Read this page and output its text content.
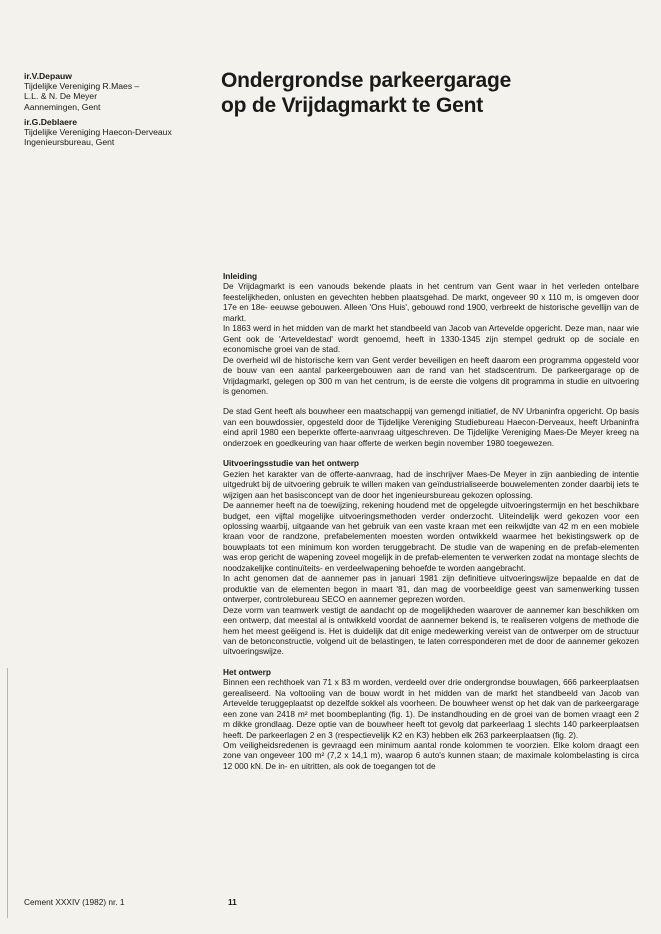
ir.V.Depauw
Tijdelijke Vereniging R.Maes –
L.L. & N. De Meyer
Aannemingen, Gent
ir.G.Deblaere
Tijdelijke Vereniging Haecon-Derveaux
Ingenieursbureau, Gent
Ondergrondse parkeergarage
op de Vrijdagmarkt te Gent
Inleiding

De Vrijdagmarkt is een vanouds bekende plaats in het centrum van Gent waar in het verleden ontelbare feestelijkheden, onlusten en gevechten hebben plaatsgehad. De markt, ongeveer 90 x 110 m, is omgeven door 17e en 18e- eeuwse gebouwen. Alleen 'Ons Huis', gebouwd rond 1900, verbreekt de historische gevellijn van de markt.

In 1863 werd in het midden van de markt het standbeeld van Jacob van Artevelde opgericht. Deze man, naar wie Gent ook de 'Arteveldestad' wordt genoemd, heeft in 1330-1345 zijn stempel gedrukt op de sociale en economische groei van de stad.

De overheid wil de historische kern van Gent verder beveiligen en heeft daarom een programma opgesteld voor de bouw van een aantal parkeergebouwen aan de rand van het stadscentrum. De parkeergarage op de Vrijdagmarkt, gelegen op 300 m van het centrum, is de eerste die volgens dit programma in studie en uitvoering is genomen.

De stad Gent heeft als bouwheer een maatschappij van gemengd initiatief, de NV Urbaninfra opgericht. Op basis van een bouwdossier, opgesteld door de Tijdelijke Vereniging Studiebureau Haecon-Derveaux, heeft Urbaninfra eind april 1980 een beperkte offerte-aanvraag uitgeschreven. De Tijdelijke Vereniging Maes-De Meyer kreeg na onderzoek en goedkeuring van haar offerte de werken begin november 1980 toegewezen.

Uitvoeringsstudie van het ontwerp

Gezien het karakter van de offerte-aanvraag, had de inschrijver Maes-De Meyer in zijn aanbieding de intentie uitgedrukt bij de uitvoering gebruik te willen maken van geïndustrialiseerde bouwelementen zonder daarbij iets te wijzigen aan het basisconcept van de door het ingenieursbureau gekozen oplossing.

De aannemer heeft na de toewijzing, rekening houdend met de opgelegde uitvoeringstermijn en het beschikbare budget, een vijftal mogelijke uitvoeringsmethoden verder onderzocht. Uiteindelijk werd gekozen voor een oplossing waarbij, uitgaande van het gebruik van een vaste kraan met een reikwijdte van 42 m en een mobiele kraan voor de randzone, prefabelementen moesten worden ontwikkeld waarmee het bekistingswerk op de bouwplaats tot een minimum kon worden teruggebracht. De studie van de wapening en de prefab-elementen was erop gericht de wapening zoveel mogelijk in de prefab-elementen te verwerken zodat na montage slechts de noodzakelijke continuïteits- en verdeelwapening behoefde te worden aangebracht.

In acht genomen dat de aannemer pas in januari 1981 zijn definitieve uitvoeringswijze bepaalde en dat de produktie van de elementen begon in maart '81, dan mag de voorbeeldige geest van samenwerking tussen ontwerper, controlebureau SECO en aannemer geprezen worden.

Deze vorm van teamwerk vestigt de aandacht op de mogelijkheden waarover de aannemer kan beschikken om een ontwerp, dat meestal al is ontwikkeld voordat de aannemer bekend is, te realiseren volgens de methode die hem het meest geëigend is. Het is duidelijk dat dit enige medewerking vereist van de ontwerper om de structuur van de betonconstructie, volgend uit de belastingen, te laten corresponderen met de door de aannemer gekozen uitvoeringswijze.

Het ontwerp

Binnen een rechthoek van 71 x 83 m worden, verdeeld over drie ondergrondse bouwlagen, 666 parkeerplaatsen gerealiseerd. Na voltooiing van de bouw wordt in het midden van de markt het standbeeld van Jacob van Artevelde teruggeplaatst op dezelfde sokkel als voorheen. De bouwheer wenst op het dak van de parkeergarage een zone van 2418 m² met boombeplanting (fig. 1). De instandhouding en de groei van de bomen vraagt een 2 m dikke grondlaag. Deze optie van de bouwheer heeft tot gevolg dat parkeerlaag 1 slechts 140 parkeerplaatsen heeft. De parkeerlagen 2 en 3 (respectievelijk K2 en K3) hebben elk 263 parkeerplaatsen (fig. 2).

Om veiligheidsredenen is gevraagd een minimum aantal ronde kolommen te voorzien. Elke kolom draagt een zone van ongeveer 100 m² (7,2 x 14,1 m), waarop 6 auto's kunnen staan; de maximale kolombelasting is circa 12 000 kN. De in- en uitritten, als ook de toegangen tot de

Cement XXXIV (1982) nr. 1	11
